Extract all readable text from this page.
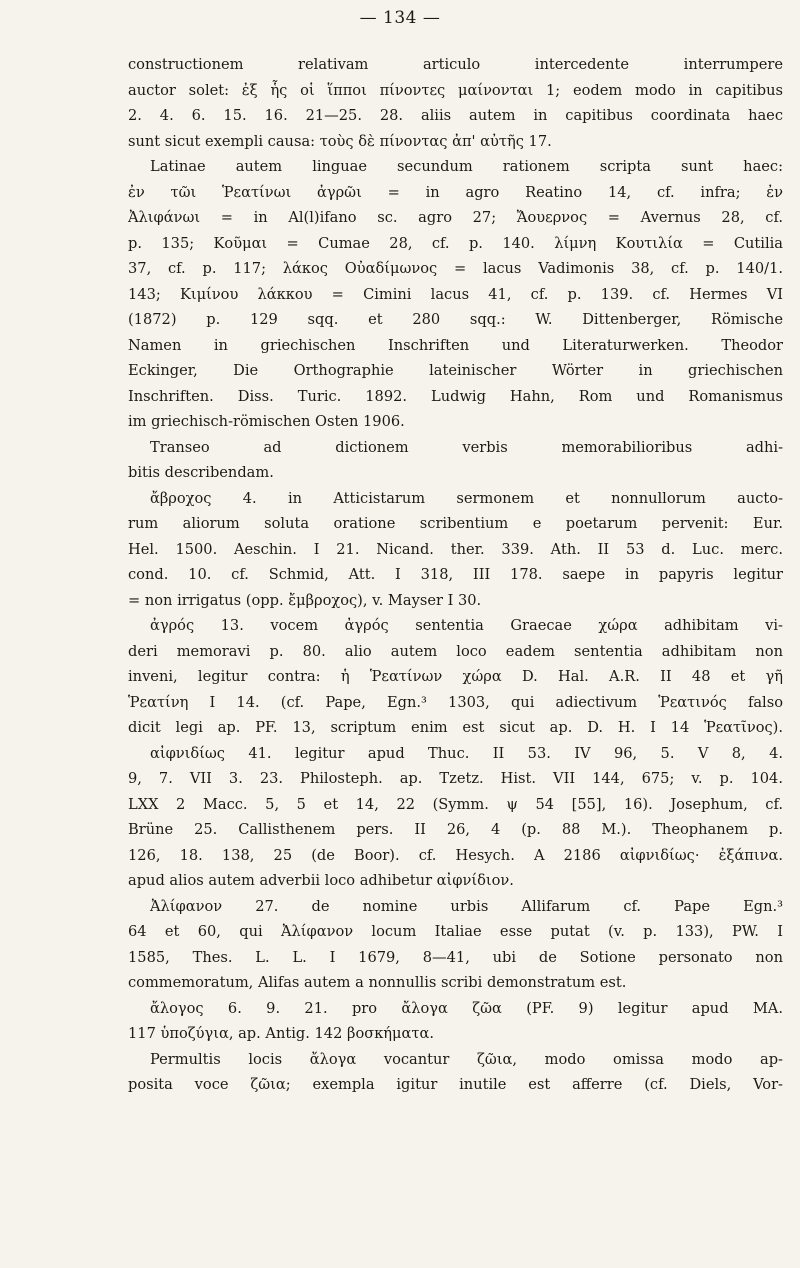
— 134 —
constructionem relativam articulo intercedente interrumpere
auctor solet: ἐξ ἧς οἱ ἵπποι πίνοντες μαίνονται 1; eodem modo in capitibus
2. 4. 6. 15. 16. 21—25. 28. aliis autem in capitibus coordinata haec
sunt sicut exempli causa: τοὺς δὲ πίνοντας ἀπ' αὐτῆς 17.
Latinae autem linguae secundum rationem scripta sunt haec:
ἐν τῶι Ῥεατίνωι ἀγρῶι = in agro Reatino 14, cf. infra; ἐν
Ἀλιφάνωι = in Al(l)ifano sc. agro 27; Ἄουερνος = Avernus 28, cf.
p. 135; Κοῦμαι = Cumae 28, cf. p. 140. λίμνη Κουτιλία = Cutilia
37, cf. p. 117; λάκος Οὐαδίμωνος = lacus Vadimonis 38, cf. p. 140/1.
143; Κιμίνου λάκκου = Cimini lacus 41, cf. p. 139. cf. Hermes VI
(1872) p. 129 sqq. et 280 sqq.: W. Dittenberger, Römische
Namen in griechischen Inschriften und Literaturwerken. Theodor
Eckinger, Die Orthographie lateinischer Wörter in griechischen
Inschriften. Diss. Turic. 1892. Ludwig Hahn, Rom und Romanismus
im griechisch-römischen Osten 1906.
Transeo ad dictionem verbis memorabilioribus adhi-
bitis describendam.
ἄβροχος 4. in Atticistarum sermonem et nonnullorum aucto-
rum aliorum soluta oratione scribentium e poetarum pervenit: Eur.
Hel. 1500. Aeschin. I 21. Nicand. ther. 339. Ath. II 53 d. Luc. merc.
cond. 10. cf. Schmid, Att. I 318, III 178. saepe in papyris legitur
= non irrigatus (opp. ἔμβροχος), v. Mayser I 30.
ἀγρός 13. vocem ἀγρός sententia Graecae χώρα adhibitam vi-
deri memoravi p. 80. alio autem loco eadem sententia adhibitam non
inveni, legitur contra: ἡ Ῥεατίνων χώρα D. Hal. A.R. II 48 et γῆ
Ῥεατίνη I 14. (cf. Pape, Egn.³ 1303, qui adiectivum Ῥεατινός falso
dicit legi ap. PF. 13, scriptum enim est sicut ap. D. H. I 14 Ῥεατῖνος).
αἰφνιδίως 41. legitur apud Thuc. II 53. IV 96, 5. V 8, 4.
9, 7. VII 3. 23. Philosteph. ap. Tzetz. Hist. VII 144, 675; v. p. 104.
LXX 2 Macc. 5, 5 et 14, 22 (Symm. ψ 54 [55], 16). Josephum, cf.
Brüne 25. Callisthenem pers. II 26, 4 (p. 88 M.). Theophanem p.
126, 18. 138, 25 (de Boor). cf. Hesych. A 2186 αἰφνιδίως· ἐξάπινα.
apud alios autem adverbii loco adhibetur αἰφνίδιον.
Ἀλίφανον 27. de nomine urbis Allifarum cf. Pape Egn.³
64 et 60, qui Ἀλίφανον locum Italiae esse putat (v. p. 133), PW. I
1585, Thes. L. L. I 1679, 8—41, ubi de Sotione personato non
commemoratum, Alifas autem a nonnullis scribi demonstratum est.
ἄλογος 6. 9. 21. pro ἄλογα ζῶα (PF. 9) legitur apud MA.
117 ὑποζύγια, ap. Antig. 142 βοσκήματα.
Permultis locis ἄλογα vocantur ζῶια, modo omissa modo ap-
posita voce ζῶια; exempla igitur inutile est afferre (cf. Diels, Vor-
